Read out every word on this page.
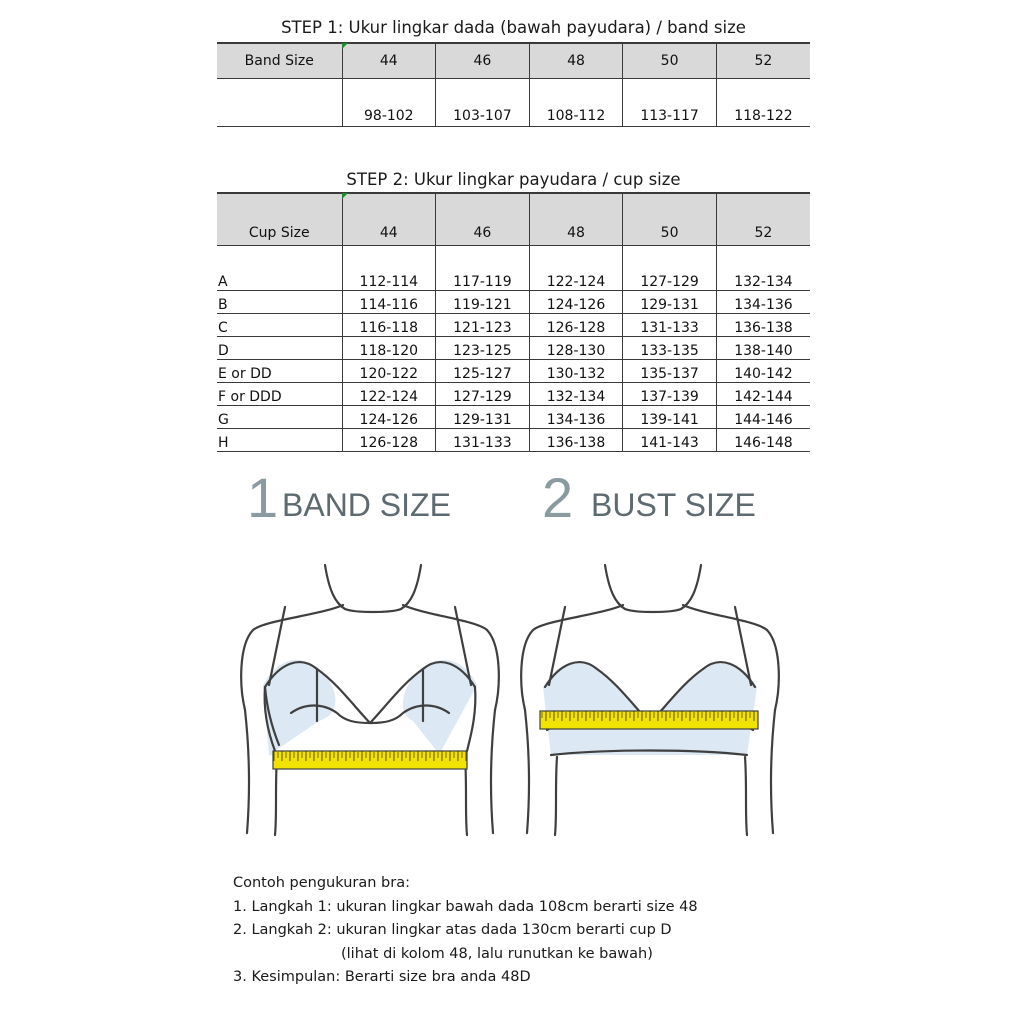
STEP 1: Ukur lingkar dada (bawah payudara) / band size
Band Size	44	46	48	50	52
	98-102	103-107	108-112	113-117	118-122
STEP 2: Ukur lingkar payudara / cup size
Cup Size	44	46	48	50	52

A	112-114	117-119	122-124	127-129	132-134
B	114-116	119-121	124-126	129-131	134-136
C	116-118	121-123	126-128	131-133	136-138
D	118-120	123-125	128-130	133-135	138-140
E or DD	120-122	125-127	130-132	135-137	140-142
F or DDD	122-124	127-129	132-134	137-139	142-144
G	124-126	129-131	134-136	139-141	144-146
H	126-128	131-133	136-138	141-143	146-148
1 BAND SIZE 2 BUST SIZE
Contoh pengukuran bra:
1. Langkah 1: ukuran lingkar bawah dada 108cm berarti size 48
2. Langkah 2: ukuran lingkar atas dada 130cm berarti cup D
(lihat di kolom 48, lalu runutkan ke bawah)
3. Kesimpulan: Berarti size bra anda 48D
